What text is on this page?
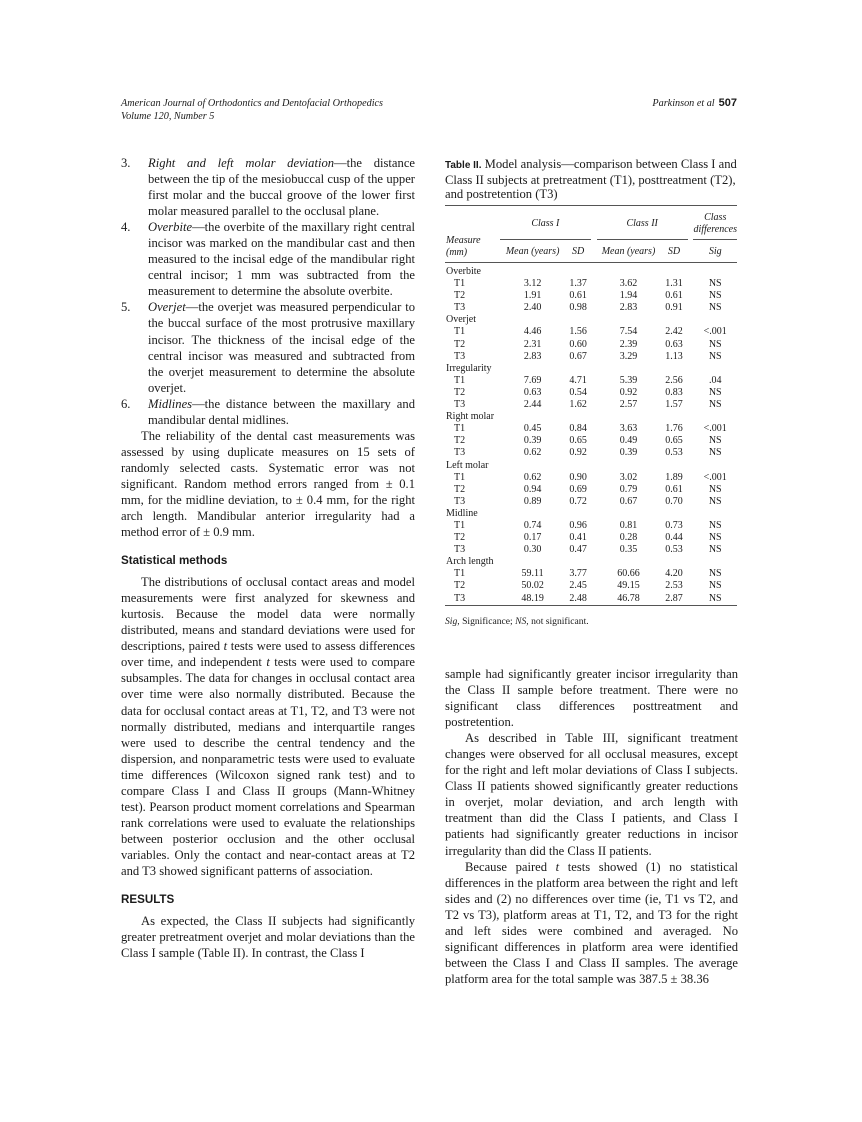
American Journal of Orthodontics and Dentofacial Orthopedics
Volume 120, Number 5
Parkinson et al 507
3. Right and left molar deviation—the distance between the tip of the mesiobuccal cusp of the upper first molar and the buccal groove of the lower first molar measured parallel to the occlusal plane.
4. Overbite—the overbite of the maxillary right central incisor was marked on the mandibular cast and then measured to the incisal edge of the mandibular right central incisor; 1 mm was subtracted from the measurement to determine the absolute overbite.
5. Overjet—the overjet was measured perpendicular to the buccal surface of the most protrusive maxillary incisor. The thickness of the incisal edge of the central incisor was measured and subtracted from the overjet measurement to determine the absolute overjet.
6. Midlines—the distance between the maxillary and mandibular dental midlines.

The reliability of the dental cast measurements was assessed by using duplicate measures on 15 sets of randomly selected casts. Systematic error was not significant. Random method errors ranged from ± 0.1 mm, for the midline deviation, to ± 0.4 mm, for the right arch length. Mandibular anterior irregularity had a method error of ± 0.9 mm.

Statistical methods

The distributions of occlusal contact areas and model measurements were first analyzed for skewness and kurtosis. Because the model data were normally distributed, means and standard deviations were used for descriptions, paired t tests were used to assess differences over time, and independent t tests were used to compare subsamples. The data for changes in occlusal contact area over time were also normally distributed. Because the data for occlusal contact areas at T1, T2, and T3 were not normally distributed, medians and interquartile ranges were used to describe the central tendency and the dispersion, and nonparametric tests were used to evaluate time differences (Wilcoxon signed rank test) and to compare Class I and Class II groups (Mann-Whitney test). Pearson product moment correlations and Spearman rank correlations were used to evaluate the relationships between posterior occlusion and the other occlusal variables. Only the contact and near-contact areas at T2 and T3 showed significant patterns of association.

RESULTS

As expected, the Class II subjects had significantly greater pretreatment overjet and molar deviations than the Class I sample (Table II). In contrast, the Class I

Table II. Model analysis—comparison between Class I and Class II subjects at pretreatment (T1), posttreatment (T2), and postretention (T3)
Measure (mm)	Class I			Class II			Class differences
	Mean (years)	SD		Mean (years)	SD		Sig

Overbite							
T1	3.12	1.37		3.62	1.31		NS
T2	1.91	0.61		1.94	0.61		NS
T3	2.40	0.98		2.83	0.91		NS
Overjet							
T1	4.46	1.56		7.54	2.42		<.001
T2	2.31	0.60		2.39	0.63		NS
T3	2.83	0.67		3.29	1.13		NS
Irregularity							
T1	7.69	4.71		5.39	2.56		.04
T2	0.63	0.54		0.92	0.83		NS
T3	2.44	1.62		2.57	1.57		NS
Right molar							
T1	0.45	0.84		3.63	1.76		<.001
T2	0.39	0.65		0.49	0.65		NS
T3	0.62	0.92		0.39	0.53		NS
Left molar							
T1	0.62	0.90		3.02	1.89		<.001
T2	0.94	0.69		0.79	0.61		NS
T3	0.89	0.72		0.67	0.70		NS
Midline							
T1	0.74	0.96		0.81	0.73		NS
T2	0.17	0.41		0.28	0.44		NS
T3	0.30	0.47		0.35	0.53		NS
Arch length							
T1	59.11	3.77		60.66	4.20		NS
T2	50.02	2.45		49.15	2.53		NS
T3	48.19	2.48		46.78	2.87		NS

Sig, Significance; NS, not significant.

sample had significantly greater incisor irregularity than the Class II sample before treatment. There were no significant class differences posttreatment and postretention.

As described in Table III, significant treatment changes were observed for all occlusal measures, except for the right and left molar deviations of Class I subjects. Class II patients showed significantly greater reductions in overjet, molar deviation, and arch length with treatment than did the Class I patients, and Class I patients had significantly greater reductions in incisor irregularity than did the Class II patients.

Because paired t tests showed (1) no statistical differences in the platform area between the right and left sides and (2) no differences over time (ie, T1 vs T2, and T2 vs T3), platform areas at T1, T2, and T3 for the right and left sides were combined and averaged. No significant differences in platform area were identified between the Class I and Class II samples. The average platform area for the total sample was 387.5 ± 38.36
